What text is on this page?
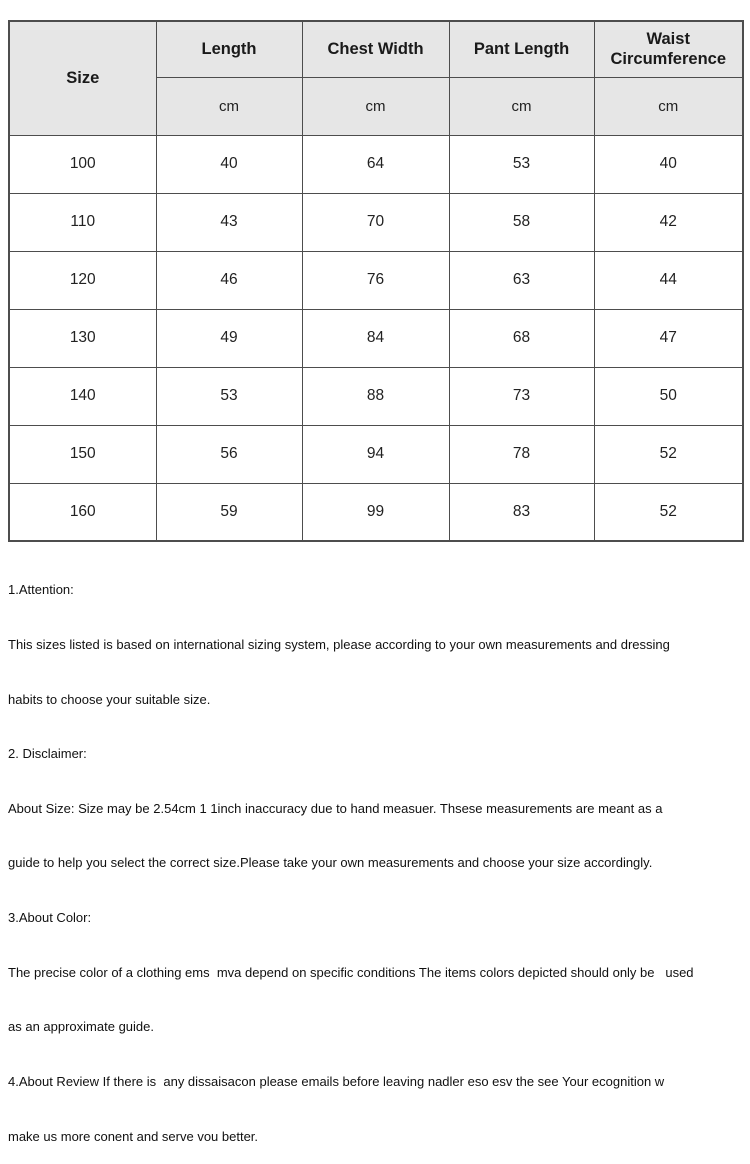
Size	Length	Chest Width	Pant Length	Waist Circumference
	cm	cm	cm	cm
100	40	64	53	40
110	43	70	58	42
120	46	76	63	44
130	49	84	68	47
140	53	88	73	50
150	56	94	78	52
160	59	99	83	52

1.Attention:

This sizes listed is based on international sizing system, please according to your own measurements and dressing

habits to choose your suitable size.

2. Disclaimer:

About Size: Size may be 2.54cm 1 1inch inaccuracy due to hand measuer. Thsese measurements are meant as a

guide to help you select the correct size.Please take your own measurements and choose your size accordingly.

3.About Color:

The precise color of a clothing ems  mva depend on specific conditions The items colors depicted should only be   used

as an approximate guide.

4.About Review If there is  any dissaisacon please emails before leaving nadler eso esv the see Your ecognition w

make us more conent and serve vou better.
